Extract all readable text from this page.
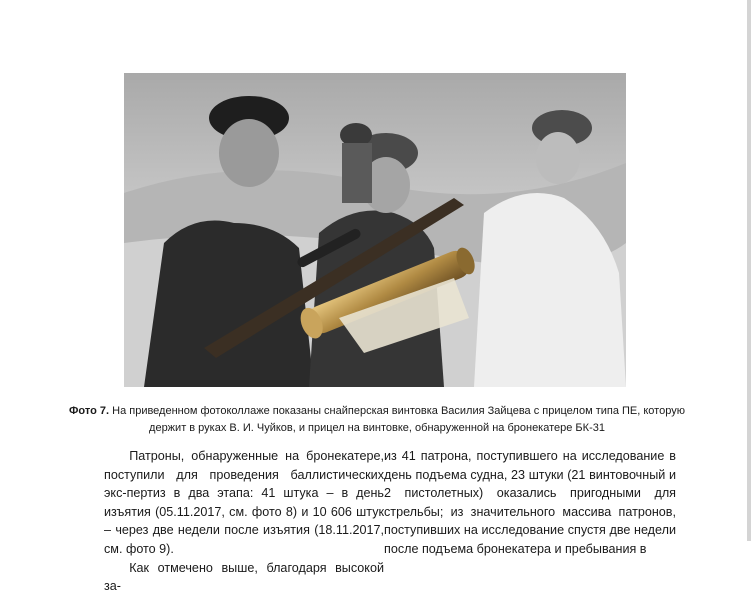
Фото 7. На приведенном фотоколлаже показаны снайперская винтовка Василия Зайцева с прицелом типа ПЕ, которую держит в руках В. И. Чуйков, и прицел на винтовке, обнаруженной на бронекатере БК-31

Патроны, обнаруженные на бронекатере, поступили для проведения баллистических экс-пертиз в два этапа: 41 штука – в день изъятия (05.11.2017, см. фото 8) и 10 606 штук – через две недели после изъятия (18.11.2017, см. фото 9).

Как отмечено выше, благодаря высокой за-

из 41 патрона, поступившего на исследование в день подъема судна, 23 штуки (21 винтовочный и 2 пистолетных) оказались пригодными для стрельбы; из значительного массива патронов, поступивших на исследование спустя две недели после подъема бронекатера и пребывания в
